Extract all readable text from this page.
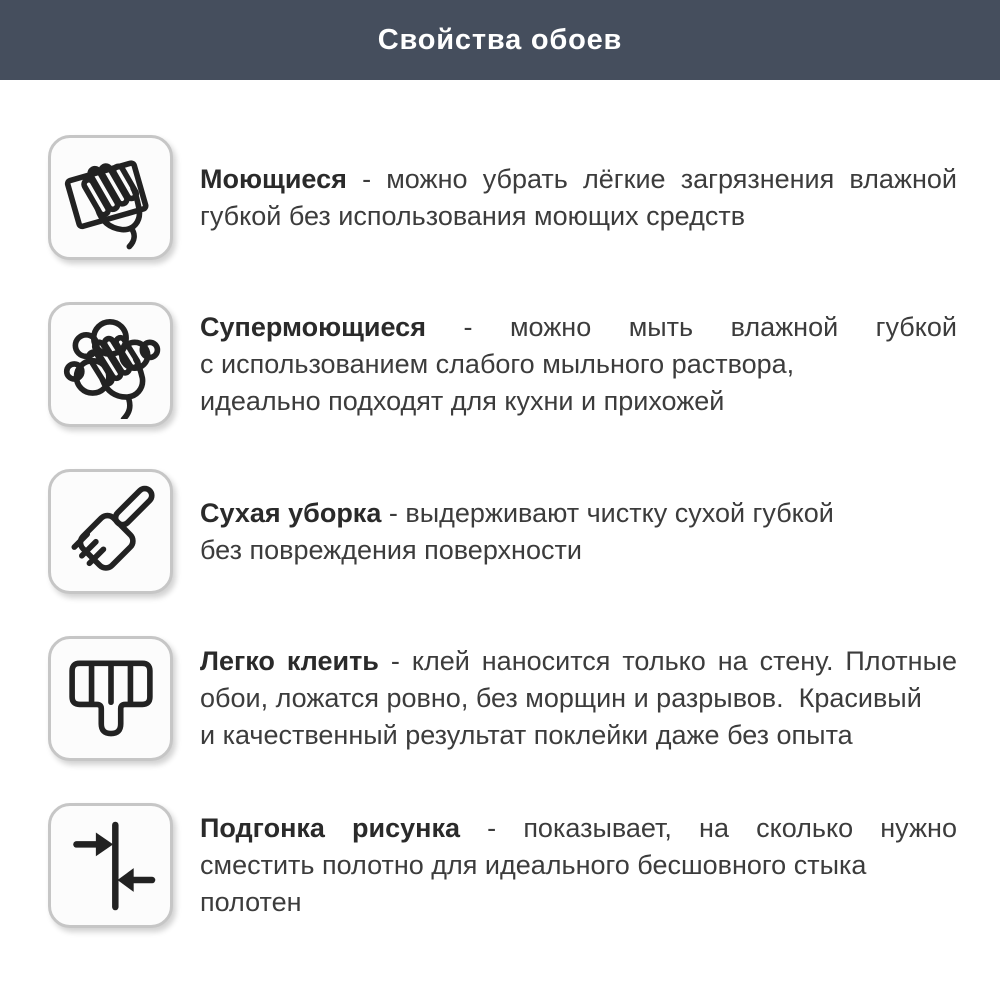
Свойства обоев
Моющиеся - можно убрать лёгкие загрязнения влажной
губкой без использования моющих средств
Супермоющиеся - можно мыть влажной губкой
с использованием слабого мыльного раствора,
идеально подходят для кухни и прихожей
Сухая уборка - выдерживают чистку сухой губкой
без повреждения поверхности
Легко клеить - клей наносится только на стену. Плотные
обои, ложатся ровно, без морщин и разрывов.  Красивый
и качественный результат поклейки даже без опыта
Подгонка рисунка - показывает, на сколько нужно
сместить полотно для идеального бесшовного стыка полотен
